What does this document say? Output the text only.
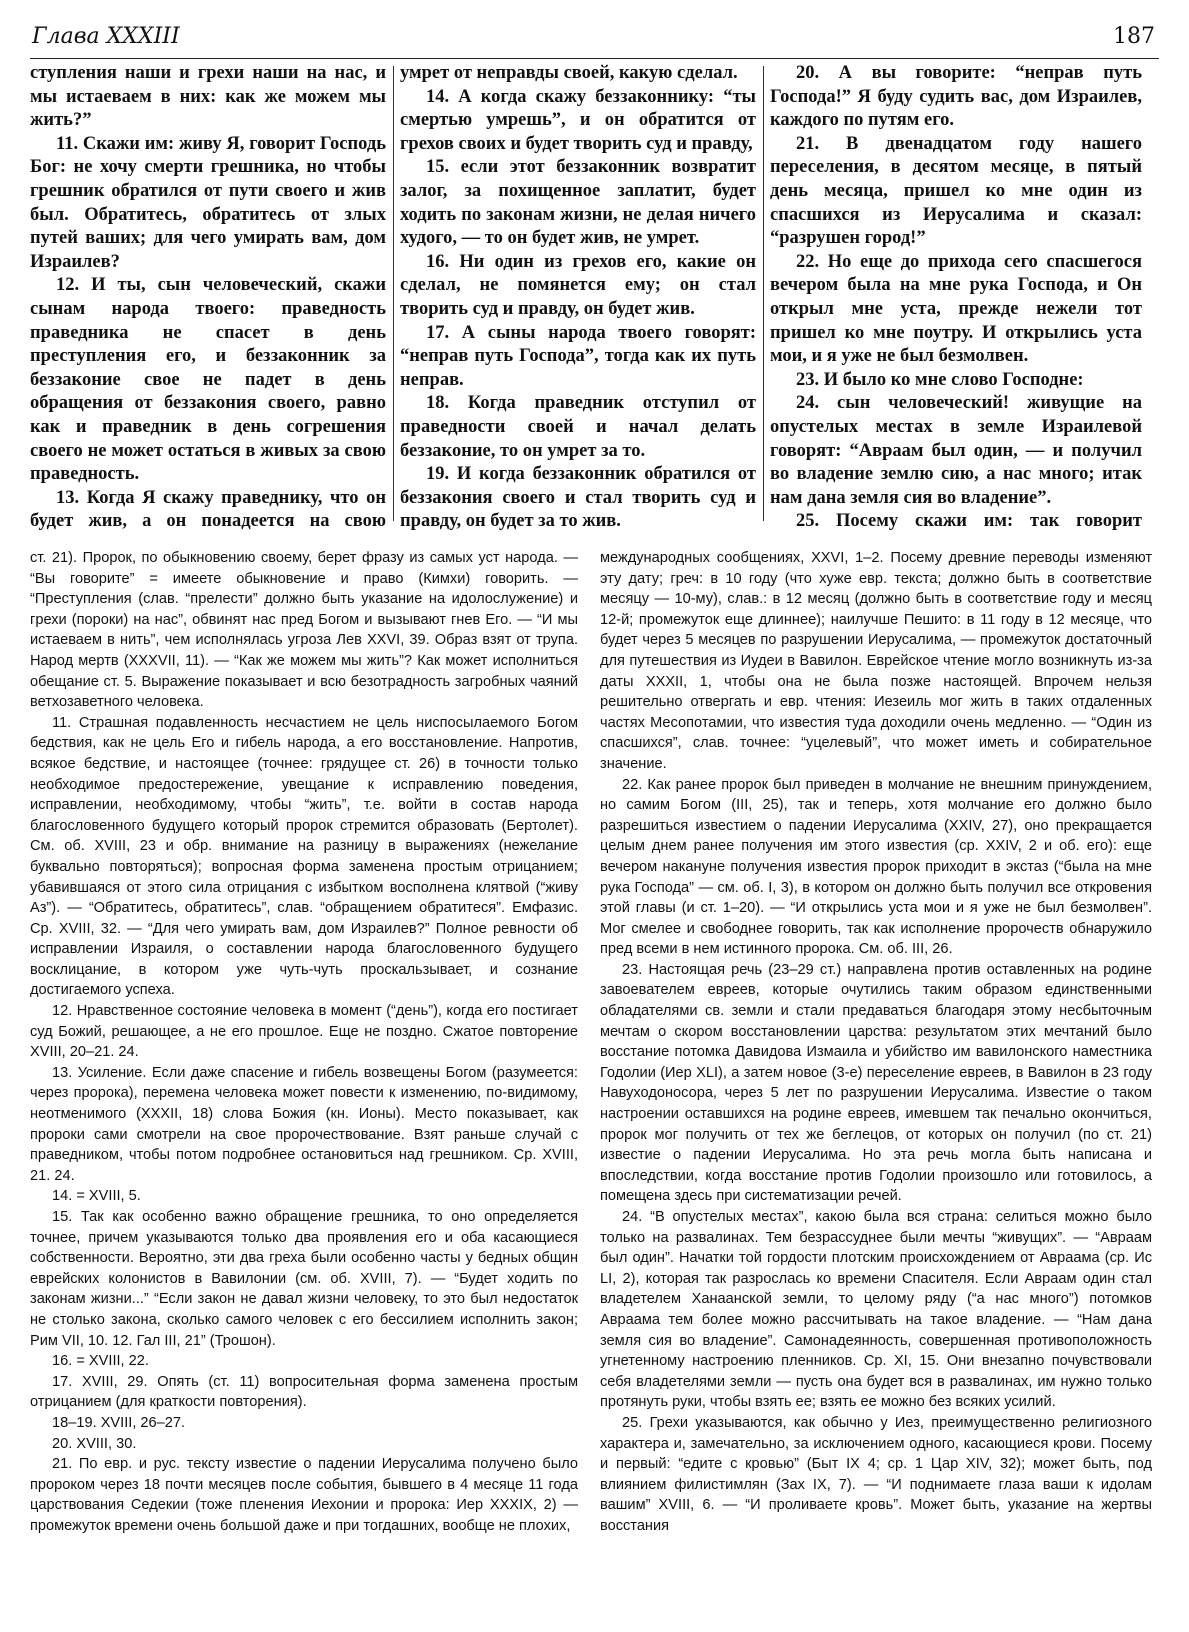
Глава XXXIII	187

ступления наши и грехи наши на нас, и мы истаеваем в них: как же можем мы жить?”

11. Скажи им: живу Я, говорит Господь Бог: не хочу смерти грешника, но чтобы грешник обратился от пути своего и жив был. Обратитесь, обратитесь от злых путей ваших; для чего умирать вам, дом Израилев?

12. И ты, сын человеческий, скажи сынам народа твоего: праведность праведника не спасет в день преступления его, и беззаконник за беззаконие свое не падет в день обращения от беззакония своего, равно как и праведник в день согрешения своего не может остаться в живых за свою праведность.

13. Когда Я скажу праведнику, что он будет жив, а он понадеется на свою

умрет от неправды своей, какую сделал.

14. А когда скажу беззаконнику: “ты смертью умрешь”, и он обратится от грехов своих и будет творить суд и правду,

15. если этот беззаконник возвратит залог, за похищенное заплатит, будет ходить по законам жизни, не делая ничего худого, — то он будет жив, не умрет.

16. Ни один из грехов его, какие он сделал, не помянется ему; он стал творить суд и правду, он будет жив.

17. А сыны народа твоего говорят: “неправ путь Господа”, тогда как их путь неправ.

18. Когда праведник отступил от праведности своей и начал делать беззаконие, то он умрет за то.

19. И когда беззаконник обратился от беззакония своего и стал творить суд и правду, он будет за то жив.

20. А вы говорите: “неправ путь Господа!” Я буду судить вас, дом Израилев, каждого по путям его.

21. В двенадцатом году нашего переселения, в десятом месяце, в пятый день месяца, пришел ко мне один из спасшихся из Иерусалима и сказал: “разрушен город!”

22. Но еще до прихода сего спасшегося вечером была на мне рука Господа, и Он открыл мне уста, прежде нежели тот пришел ко мне поутру. И открылись уста мои, и я уже не был безмолвен.

23. И было ко мне слово Господне:

24. сын человеческий! живущие на опустелых местах в земле Израилевой говорят: “Авраам был один, — и получил во владение землю сию, а нас много; итак нам дана земля сия во владение”.

25. Посему скажи им: так говорит

ст. 21). Пророк, по обыкновению своему, берет фразу из самых уст народа. — “Вы говорите” = имеете обыкновение и право (Кимхи) говорить. — “Преступления (слав. “прелести” должно быть указание на идолослужение) и грехи (пороки) на нас”, обвинят нас пред Богом и вызывают гнев Его. — “И мы истаеваем в нить”, чем исполнялась угроза Лев XXVI, 39. Образ взят от трупа. Народ мертв (XXXVII, 11). — “Как же можем мы жить”? Как может исполниться обещание ст. 5. Выражение показывает и всю безотрадность загробных чаяний ветхозаветного человека.

11. Страшная подавленность несчастием не цель ниспосылаемого Богом бедствия, как не цель Его и гибель народа, а его восстановление. Напротив, всякое бедствие, и настоящее (точнее: грядущее ст. 26) в точности только необходимое предостережение, увещание к исправлению поведения, исправлении, необходимому, чтобы “жить”, т.е. войти в состав народа благословенного будущего который пророк стремится образовать (Бертолет). См. об. XVIII, 23 и обр. внимание на разницу в выражениях (нежелание буквально повторяться); вопросная форма заменена простым отрицанием; убавившаяся от этого сила отрицания с избытком восполнена клятвой (“живу Аз”). — “Обратитесь, обратитесь”, слав. “обращением обратитеся”. Емфазис. Ср. XVIII, 32. — “Для чего умирать вам, дом Израилев?” Полное ревности об исправлении Израиля, о составлении народа благословенного будущего восклицание, в котором уже чуть-чуть проскальзывает, и сознание достигаемого успеха.

12. Нравственное состояние человека в момент (“день”), когда его постигает суд Божий, решающее, а не его прошлое. Еще не поздно. Сжатое повторение XVIII, 20–21. 24.

13. Усиление. Если даже спасение и гибель возвещены Богом (разумеется: через пророка), перемена человека может повести к изменению, по-видимому, неотменимого (XXXII, 18) слова Божия (кн. Ионы). Место показывает, как пророки сами смотрели на свое пророчествование. Взят раньше случай с праведником, чтобы потом подробнее остановиться над грешником. Ср. XVIII, 21. 24.

14. = XVIII, 5.

15. Так как особенно важно обращение грешника, то оно определяется точнее, причем указываются только два проявления его и оба касающиеся собственности. Вероятно, эти два греха были особенно часты у бедных общин еврейских колонистов в Вавилонии (см. об. XVIII, 7). — “Будет ходить по законам жизни...” “Если закон не давал жизни человеку, то это был недостаток не столько закона, сколько самого человек с его бессилием исполнить закон; Рим VII, 10. 12. Гал III, 21” (Трошон).

16. = XVIII, 22.

17. XVIII, 29. Опять (ст. 11) вопросительная форма заменена простым отрицанием (для краткости повторения).

18–19. XVIII, 26–27.

20. XVIII, 30.

21. По евр. и рус. тексту известие о падении Иерусалима получено было пророком через 18 почти месяцев после события, бывшего в 4 месяце 11 года царствования Седекии (тоже пленения Иехонии и пророка: Иер XXXIX, 2) — промежуток времени очень большой даже и при тогдашних, вообще не плохих,

международных сообщениях, XXVI, 1–2. Посему древние переводы изменяют эту дату; греч: в 10 году (что хуже евр. текста; должно быть в соответствие месяцу — 10-му), слав.: в 12 месяц (должно быть в соответствие году и месяц 12-й; промежуток еще длиннее); наилучше Пешито: в 11 году в 12 месяце, что будет через 5 месяцев по разрушении Иерусалима, — промежуток достаточный для путешествия из Иудеи в Вавилон. Еврейское чтение могло возникнуть из-за даты XXXII, 1, чтобы она не была позже настоящей. Впрочем нельзя решительно отвергать и евр. чтения: Иезеиль мог жить в таких отдаленных частях Месопотамии, что известия туда доходили очень медленно. — “Один из спасшихся”, слав. точнее: “уцелевый”, что может иметь и собирательное значение.

22. Как ранее пророк был приведен в молчание не внешним принуждением, но самим Богом (III, 25), так и теперь, хотя молчание его должно было разрешиться известием о падении Иерусалима (XXIV, 27), оно прекращается целым днем ранее получения им этого известия (ср. XXIV, 2 и об. его): еще вечером накануне получения известия пророк приходит в экстаз (“была на мне рука Господа” — см. об. I, 3), в котором он должно быть получил все откровения этой главы (и ст. 1–20). — “И открылись уста мои и я уже не был безмолвен”. Мог смелее и свободнее говорить, так как исполнение пророчеств обнаружило пред всеми в нем истинного пророка. См. об. III, 26.

23. Настоящая речь (23–29 ст.) направлена против оставленных на родине завоевателем евреев, которые очутились таким образом единственными обладателями св. земли и стали предаваться благодаря этому несбыточным мечтам о скором восстановлении царства: результатом этих мечтаний было восстание потомка Давидова Измаила и убийство им вавилонского наместника Годолии (Иер XLI), а затем новое (3-е) переселение евреев, в Вавилон в 23 году Навуходоносора, через 5 лет по разрушении Иерусалима. Известие о таком настроении оставшихся на родине евреев, имевшем так печально окончиться, пророк мог получить от тех же беглецов, от которых он получил (по ст. 21) известие о падении Иерусалима. Но эта речь могла быть написана и впоследствии, когда восстание против Годолии произошло или готовилось, а помещена здесь при систематизации речей.

24. “В опустелых местах”, какою была вся страна: селиться можно было только на развалинах. Тем безрассуднее были мечты “живущих”. — “Авраам был один”. Начатки той гордости плотским происхождением от Авраама (ср. Ис LI, 2), которая так разрослась ко времени Спасителя. Если Авраам один стал владетелем Ханаанской земли, то целому ряду (“а нас много”) потомков Авраама тем более можно рассчитывать на такое владение. — “Нам дана земля сия во владение”. Самонадеянность, совершенная противоположность угнетенному настроению пленников. Ср. XI, 15. Они внезапно почувствовали себя владетелями земли — пусть она будет вся в развалинах, им нужно только протянуть руки, чтобы взять ее; взять ее можно без всяких усилий.

25. Грехи указываются, как обычно у Иез, преимущественно религиозного характера и, замечательно, за исключением одного, касающиеся крови. Посему и первый: “едите с кровью” (Быт IX 4; ср. 1 Цар XIV, 32); может быть, под влиянием филистимлян (Зах IX, 7). — “И поднимаете глаза ваши к идолам вашим” XVIII, 6. — “И проливаете кровь”. Может быть, указание на жертвы восстания
